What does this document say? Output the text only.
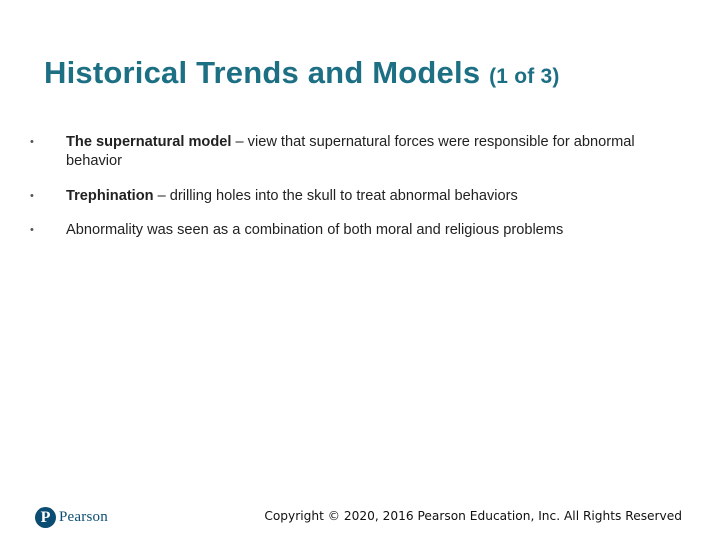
Historical Trends and Models (1 of 3)
•	The supernatural model – view that supernatural forces were responsible for abnormal behavior
•	Trephination – drilling holes into the skull to treat abnormal behaviors
•	Abnormality was seen as a combination of both moral and religious problems
P Pearson	Copyright © 2020, 2016 Pearson Education, Inc. All Rights Reserved
